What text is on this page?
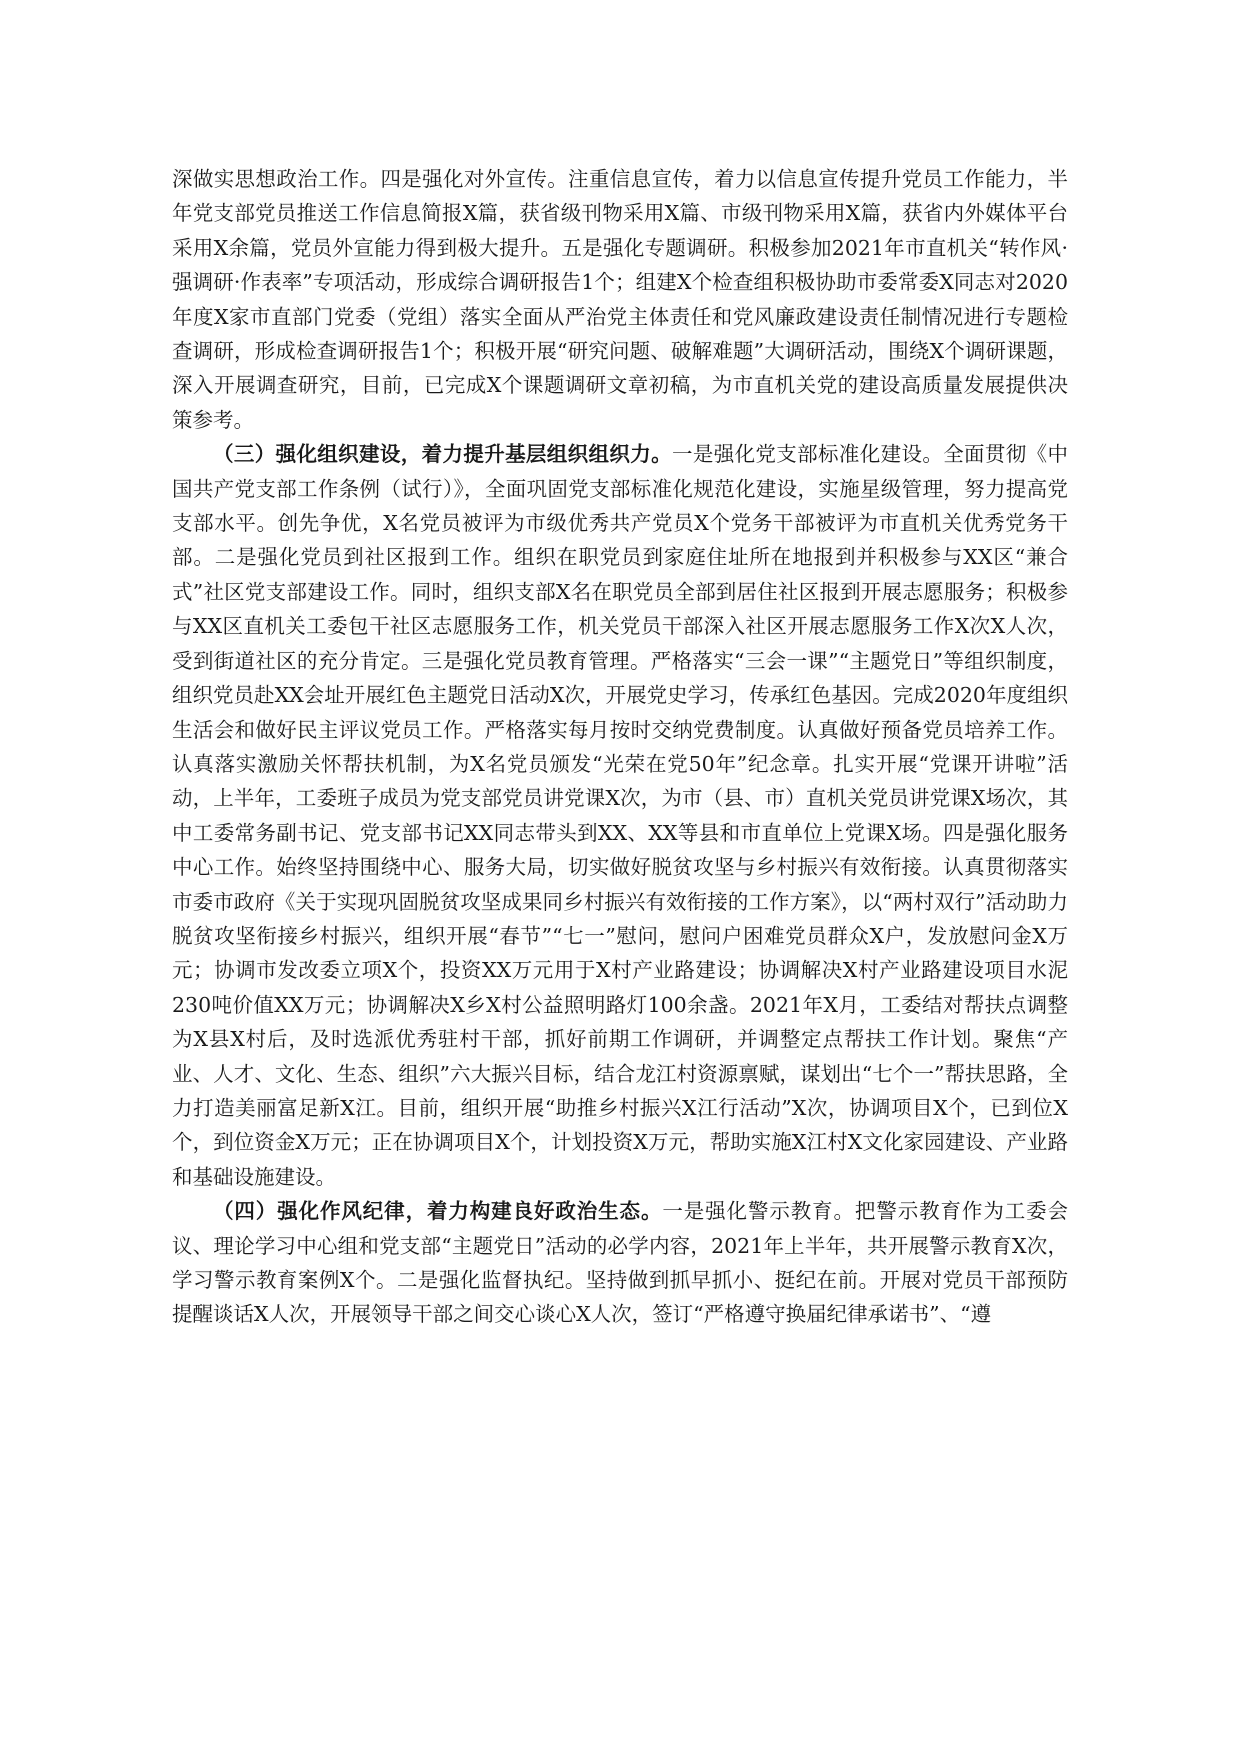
深做实思想政治工作。四是强化对外宣传。注重信息宣传，着力以信息宣传提升党员工作能力，半年党支部党员推送工作信息简报X篇，获省级刊物采用X篇、市级刊物采用X篇，获省内外媒体平台采用X余篇，党员外宣能力得到极大提升。五是强化专题调研。积极参加2021年市直机关“转作风·强调研·作表率”专项活动，形成综合调研报告1个；组建X个检查组积极协助市委常委X同志对2020年度X家市直部门党委（党组）落实全面从严治党主体责任和党风廉政建设责任制情况进行专题检查调研，形成检查调研报告1个；积极开展“研究问题、破解难题”大调研活动，围绕X个调研课题，深入开展调查研究，目前，已完成X个课题调研文章初稿，为市直机关党的建设高质量发展提供决策参考。

（三）强化组织建设，着力提升基层组织组织力。一是强化党支部标准化建设。全面贯彻《中国共产党支部工作条例（试行）》，全面巩固党支部标准化规范化建设，实施星级管理，努力提高党支部水平。创先争优，X名党员被评为市级优秀共产党员X个党务干部被评为市直机关优秀党务干部。二是强化党员到社区报到工作。组织在职党员到家庭住址所在地报到并积极参与XX区“兼合式”社区党支部建设工作。同时，组织支部X名在职党员全部到居住社区报到开展志愿服务；积极参与XX区直机关工委包干社区志愿服务工作，机关党员干部深入社区开展志愿服务工作X次X人次，受到街道社区的充分肯定。三是强化党员教育管理。严格落实“三会一课”“主题党日”等组织制度，组织党员赴XX会址开展红色主题党日活动X次，开展党史学习，传承红色基因。完成2020年度组织生活会和做好民主评议党员工作。严格落实每月按时交纳党费制度。认真做好预备党员培养工作。认真落实激励关怀帮扶机制，为X名党员颁发“光荣在党50年”纪念章。扎实开展“党课开讲啦”活动，上半年，工委班子成员为党支部党员讲党课X次，为市（县、市）直机关党员讲党课X场次，其中工委常务副书记、党支部书记XX同志带头到XX、XX等县和市直单位上党课X场。四是强化服务中心工作。始终坚持围绕中心、服务大局，切实做好脱贫攻坚与乡村振兴有效衔接。认真贯彻落实市委市政府《关于实现巩固脱贫攻坚成果同乡村振兴有效衔接的工作方案》，以“两村双行”活动助力脱贫攻坚衔接乡村振兴，组织开展“春节”“七一”慰问，慰问户困难党员群众X户，发放慰问金X万元；协调市发改委立项X个，投资XX万元用于X村产业路建设；协调解决X村产业路建设项目水泥230吨价值XX万元；协调解决X乡X村公益照明路灯100余盏。2021年X月，工委结对帮扶点调整为X县X村后，及时选派优秀驻村干部，抓好前期工作调研，并调整定点帮扶工作计划。聚焦“产业、人才、文化、生态、组织”六大振兴目标，结合龙江村资源禀赋，谋划出“七个一”帮扶思路，全力打造美丽富足新X江。目前，组织开展“助推乡村振兴X江行活动”X次，协调项目X个，已到位X个，到位资金X万元；正在协调项目X个，计划投资X万元，帮助实施X江村X文化家园建设、产业路和基础设施建设。

（四）强化作风纪律，着力构建良好政治生态。一是强化警示教育。把警示教育作为工委会议、理论学习中心组和党支部“主题党日”活动的必学内容，2021年上半年，共开展警示教育X次，学习警示教育案例X个。二是强化监督执纪。坚持做到抓早抓小、挺纪在前。开展对党员干部预防提醒谈话X人次，开展领导干部之间交心谈心X人次，签订“严格遵守换届纪律承诺书”、“遵
